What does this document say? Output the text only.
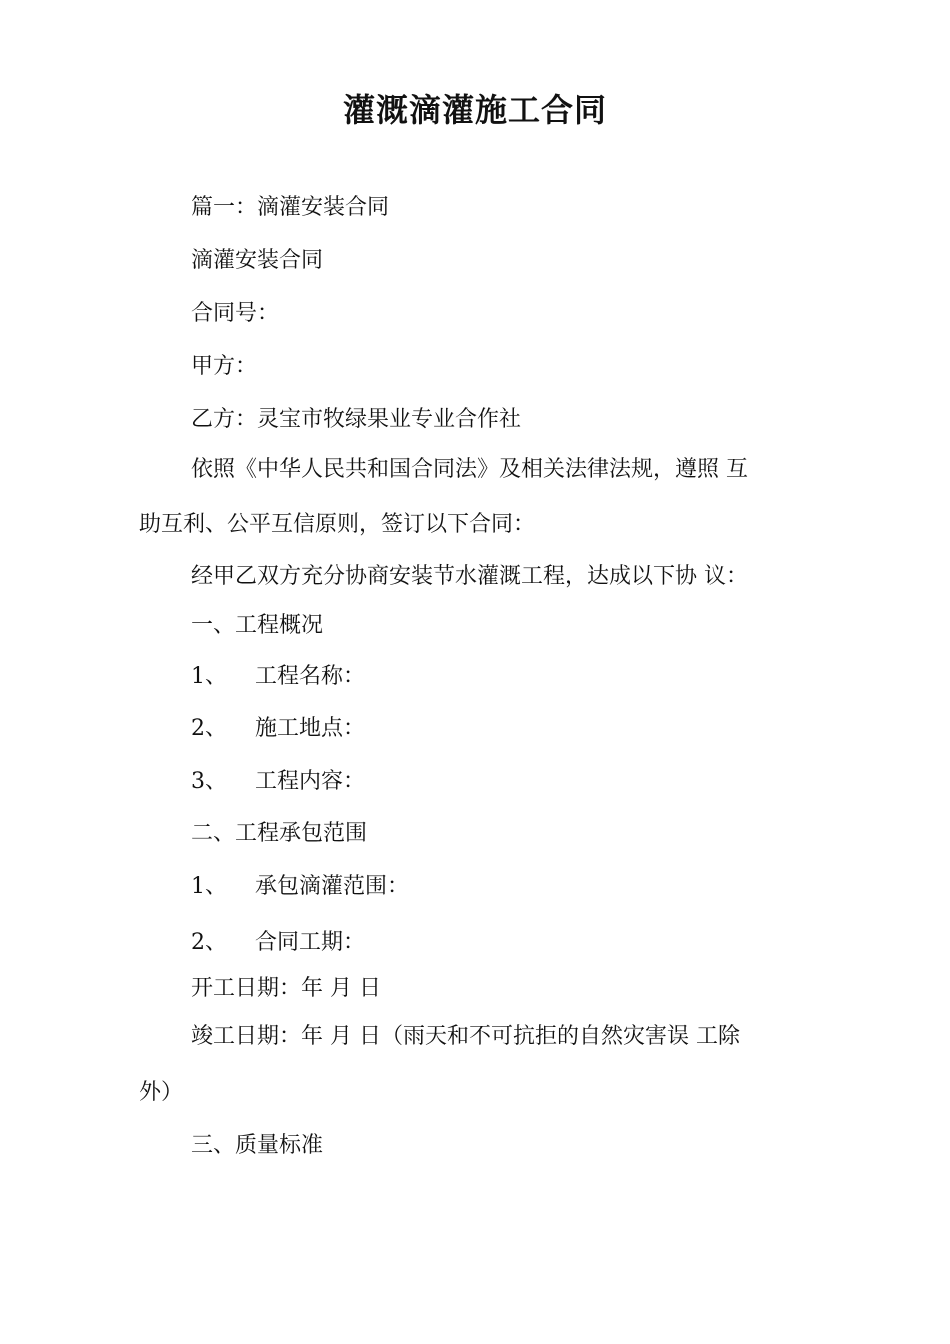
灌溉滴灌施工合同
篇一：滴灌安装合同
滴灌安装合同
合同号：
甲方：
乙方：灵宝市牧绿果业专业合作社
依照《中华人民共和国合同法》及相关法律法规，遵照 互
助互利、公平互信原则，签订以下合同：
经甲乙双方充分协商安装节水灌溉工程，达成以下协 议：
一、工程概况
1、 工程名称：
2、 施工地点：
3、 工程内容：
二、工程承包范围
1、 承包滴灌范围：
2、 合同工期：
开工日期：年 月 日
竣工日期：年 月 日（雨天和不可抗拒的自然灾害误 工除
外）
三、质量标准
